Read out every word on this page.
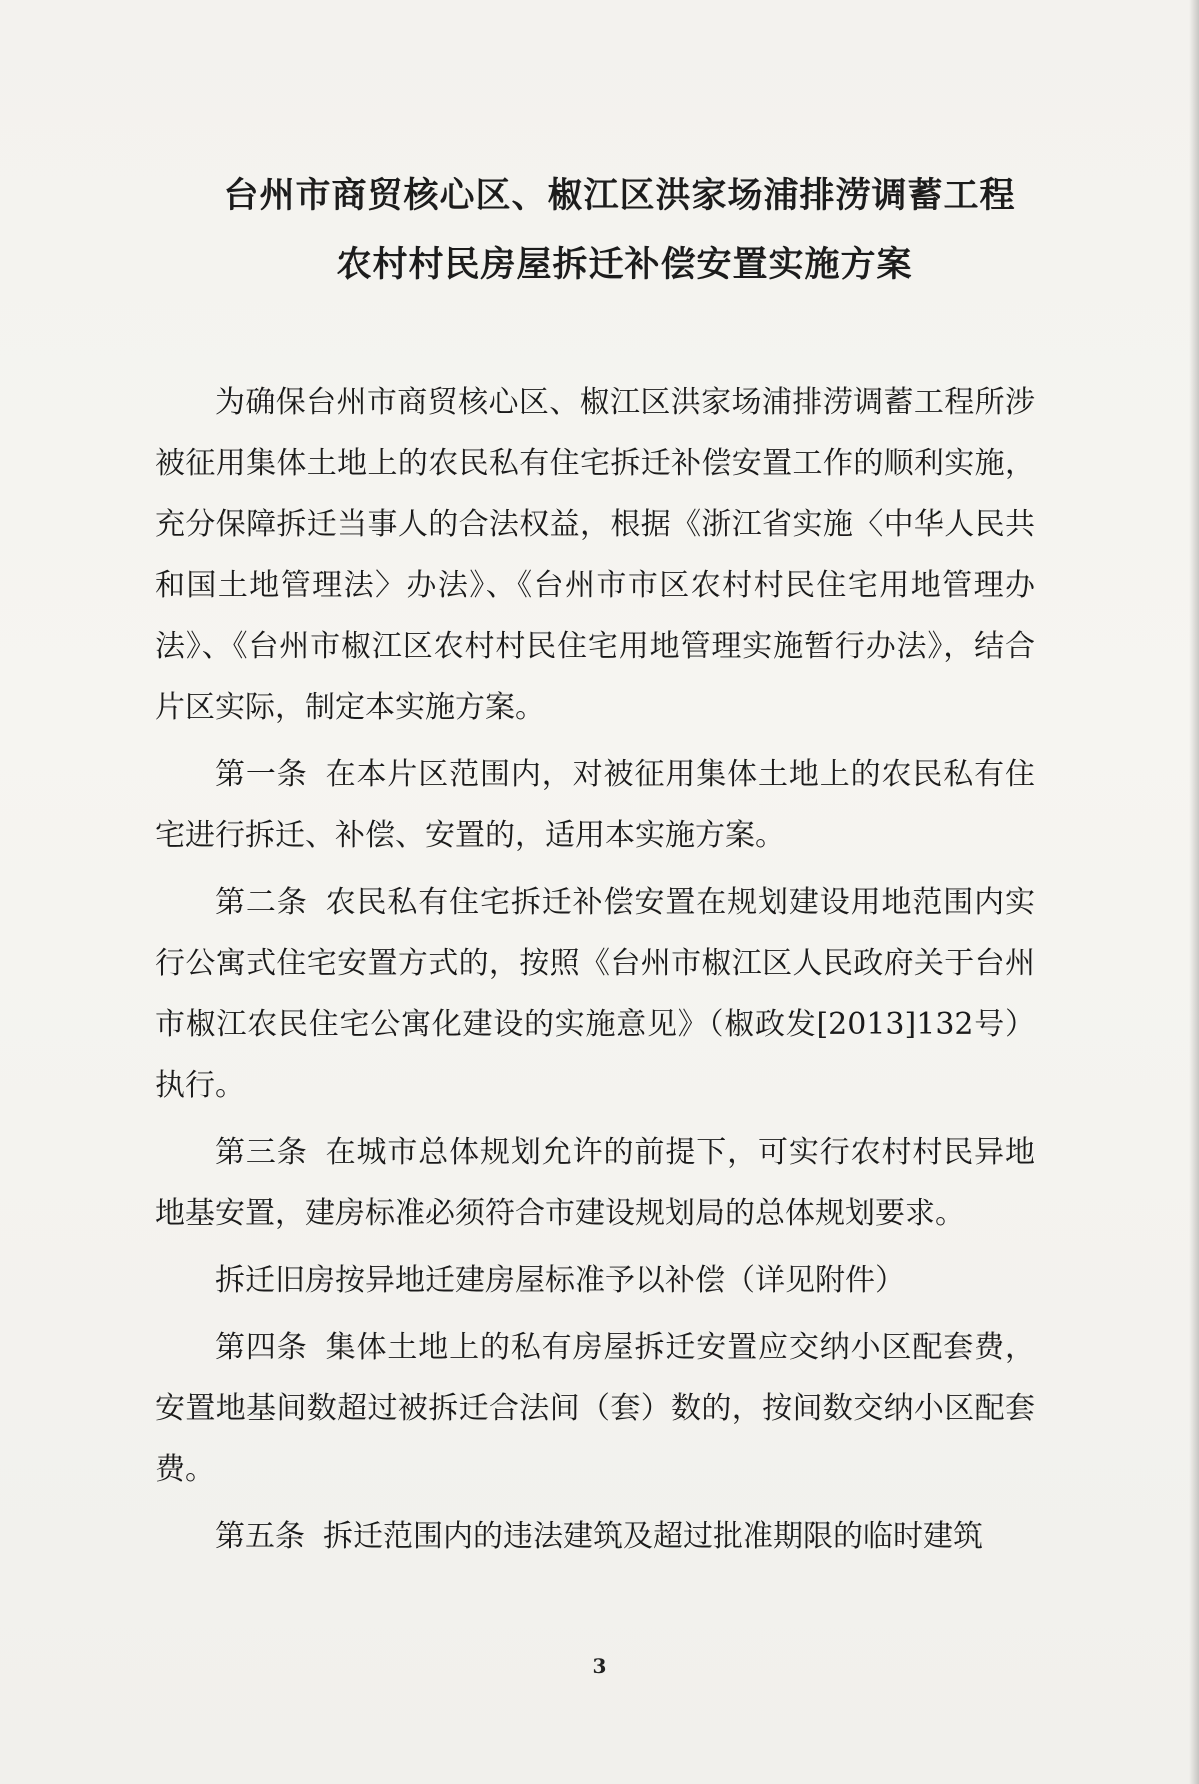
台州市商贸核心区、椒江区洪家场浦排涝调蓄工程
农村村民房屋拆迁补偿安置实施方案

为确保台州市商贸核心区、椒江区洪家场浦排涝调蓄工程所涉被征用集体土地上的农民私有住宅拆迁补偿安置工作的顺利实施，充分保障拆迁当事人的合法权益，根据《浙江省实施〈中华人民共和国土地管理法〉办法》、《台州市市区农村村民住宅用地管理办法》、《台州市椒江区农村村民住宅用地管理实施暂行办法》，结合片区实际，制定本实施方案。

第一条 在本片区范围内，对被征用集体土地上的农民私有住宅进行拆迁、补偿、安置的，适用本实施方案。

第二条 农民私有住宅拆迁补偿安置在规划建设用地范围内实行公寓式住宅安置方式的，按照《台州市椒江区人民政府关于台州市椒江农民住宅公寓化建设的实施意见》（椒政发[2013]132号）执行。

第三条 在城市总体规划允许的前提下，可实行农村村民异地地基安置，建房标准必须符合市建设规划局的总体规划要求。

拆迁旧房按异地迁建房屋标准予以补偿（详见附件）

第四条 集体土地上的私有房屋拆迁安置应交纳小区配套费，安置地基间数超过被拆迁合法间（套）数的，按间数交纳小区配套费。

第五条 拆迁范围内的违法建筑及超过批准期限的临时建筑

3
